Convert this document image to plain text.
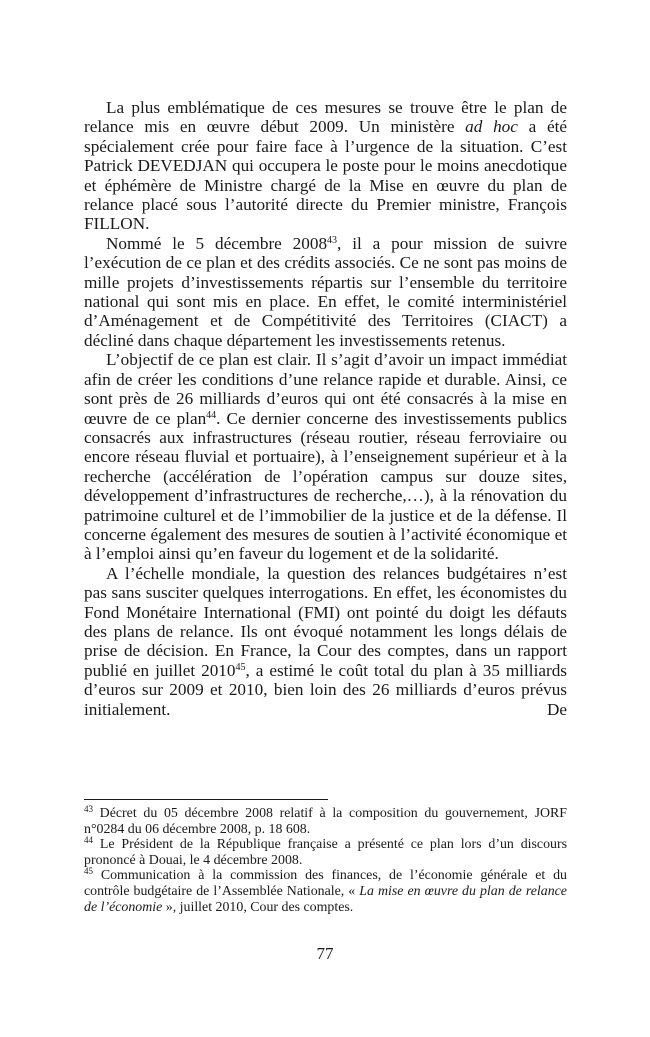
La plus emblématique de ces mesures se trouve être le plan de relance mis en œuvre début 2009. Un ministère ad hoc a été spécialement crée pour faire face à l’urgence de la situation. C’est Patrick DEVEDJAN qui occupera le poste pour le moins anecdotique et éphémère de Ministre chargé de la Mise en œuvre du plan de relance placé sous l’autorité directe du Premier ministre, François FILLON.

Nommé le 5 décembre 2008$^{43}$, il a pour mission de suivre l’exécution de ce plan et des crédits associés. Ce ne sont pas moins de mille projets d’investissements répartis sur l’ensemble du territoire national qui sont mis en place. En effet, le comité interministériel d’Aménagement et de Compétitivité des Territoires (CIACT) a décliné dans chaque département les investissements retenus.

L’objectif de ce plan est clair. Il s’agit d’avoir un impact immédiat afin de créer les conditions d’une relance rapide et durable. Ainsi, ce sont près de 26 milliards d’euros qui ont été consacrés à la mise en œuvre de ce plan$^{44}$. Ce dernier concerne des investissements publics consacrés aux infrastructures (réseau routier, réseau ferroviaire ou encore réseau fluvial et portuaire), à l’enseignement supérieur et à la recherche (accélération de l’opération campus sur douze sites, développement d’infrastructures de recherche,…), à la rénovation du patrimoine culturel et de l’immobilier de la justice et de la défense. Il concerne également des mesures de soutien à l’activité économique et à l’emploi ainsi qu’en faveur du logement et de la solidarité.

A l’échelle mondiale, la question des relances budgétaires n’est pas sans susciter quelques interrogations. En effet, les économistes du Fond Monétaire International (FMI) ont pointé du doigt les défauts des plans de relance. Ils ont évoqué notamment les longs délais de prise de décision. En France, la Cour des comptes, dans un rapport publié en juillet 2010$^{45}$, a estimé le coût total du plan à 35 milliards d’euros sur 2009 et 2010, bien loin des 26 milliards d’euros prévus initialement. De

$^{43}$ Décret du 05 décembre 2008 relatif à la composition du gouvernement, JORF n°0284 du 06 décembre 2008, p. 18 608.

$^{44}$ Le Président de la République française a présenté ce plan lors d’un discours prononcé à Douai, le 4 décembre 2008.

$^{45}$ Communication à la commission des finances, de l’économie générale et du contrôle budgétaire de l’Assemblée Nationale, « La mise en œuvre du plan de relance de l’économie », juillet 2010, Cour des comptes.

77
